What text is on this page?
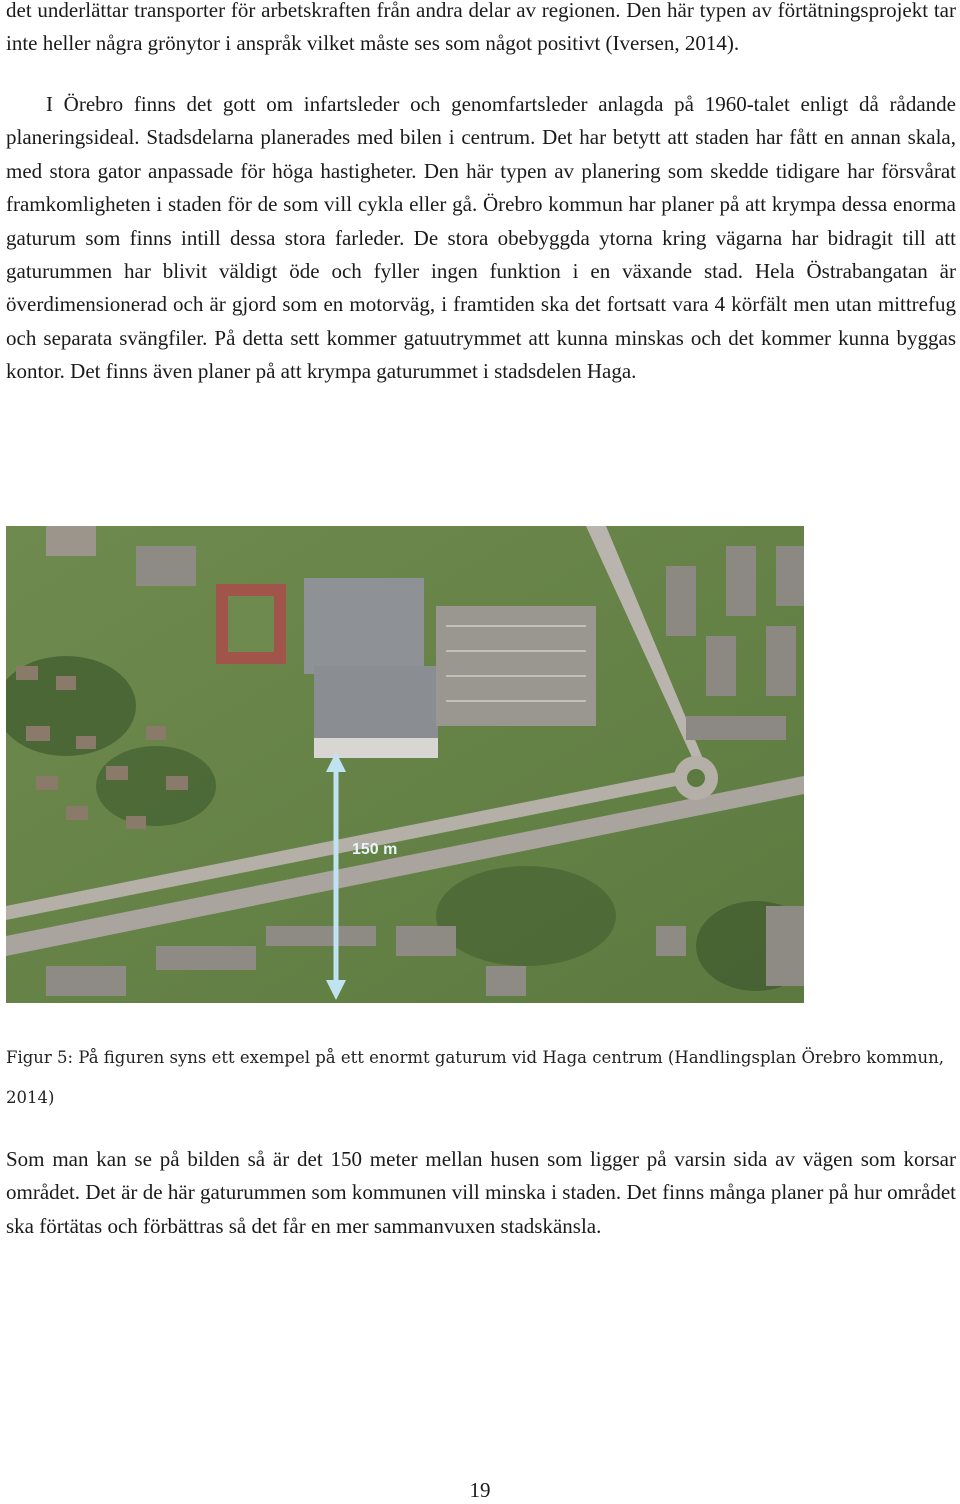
det underlättar transporter för arbetskraften från andra delar av regionen. Den här typen av förtätningsprojekt tar inte heller några grönytor i anspråk vilket måste ses som något positivt (Iversen, 2014).

I Örebro finns det gott om infartsleder och genomfartsleder anlagda på 1960-talet enligt då rådande planeringsideal. Stadsdelarna planerades med bilen i centrum. Det har betytt att staden har fått en annan skala, med stora gator anpassade för höga hastigheter. Den här typen av planering som skedde tidigare har försvårat framkomligheten i staden för de som vill cykla eller gå. Örebro kommun har planer på att krympa dessa enorma gaturum som finns intill dessa stora farleder. De stora obebyggda ytorna kring vägarna har bidragit till att gaturummen har blivit väldigt öde och fyller ingen funktion i en växande stad. Hela Östrabangatan är överdimensionerad och är gjord som en motorväg, i framtiden ska det fortsatt vara 4 körfält men utan mittrefug och separata svängfiler. På detta sett kommer gatuutrymmet att kunna minskas och det kommer kunna byggas kontor. Det finns även planer på att krympa gaturummet i stadsdelen Haga.

150 m

Figur 5: På figuren syns ett exempel på ett enormt gaturum vid Haga centrum (Handlingsplan Örebro kommun, 2014)

Som man kan se på bilden så är det 150 meter mellan husen som ligger på varsin sida av vägen som korsar området. Det är de här gaturummen som kommunen vill minska i staden. Det finns många planer på hur området ska förtätas och förbättras så det får en mer sammanvuxen stadskänsla.

19
